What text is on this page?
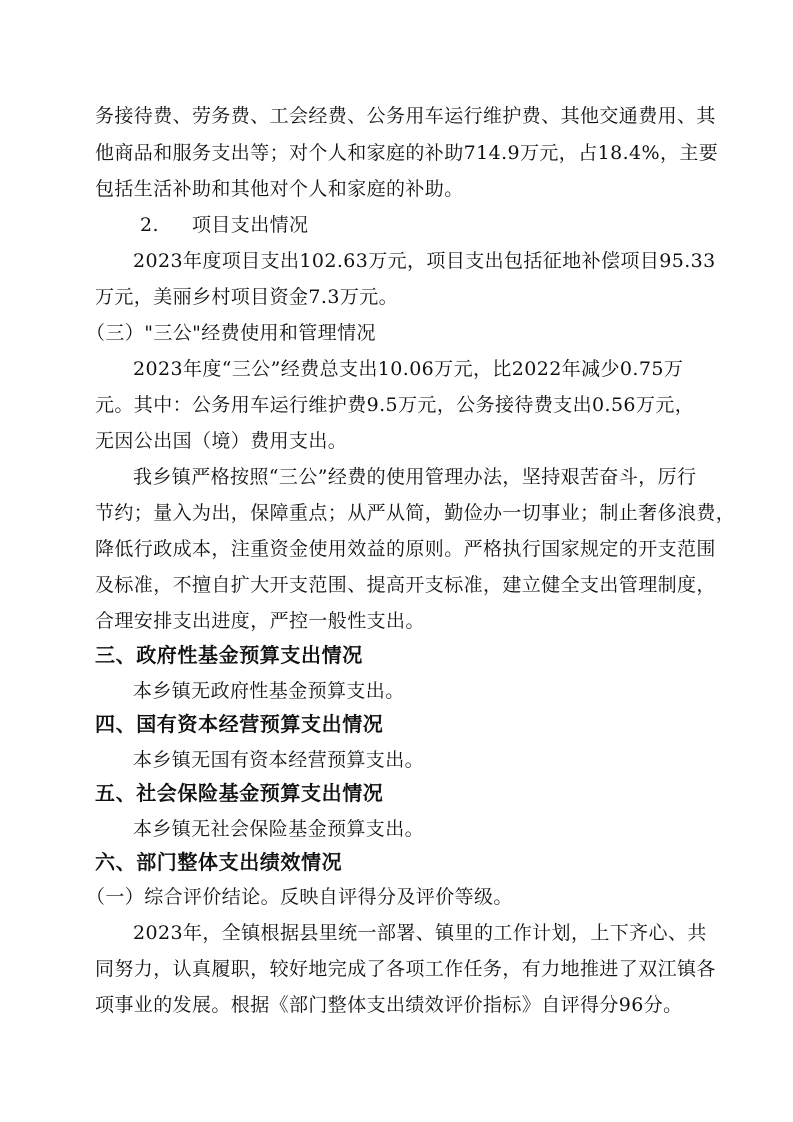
务接待费、劳务费、工会经费、公务用车运行维护费、其他交通费用、其
他商品和服务支出等；对个人和家庭的补助714.9万元，占18.4%，主要
包括生活补助和其他对个人和家庭的补助。
2. 项目支出情况
2023年度项目支出102.63万元，项目支出包括征地补偿项目95.33
万元，美丽乡村项目资金7.3万元。
（三）"三公"经费使用和管理情况
2023年度“三公”经费总支出10.06万元，比2022年减少0.75万
元。其中：公务用车运行维护费9.5万元，公务接待费支出0.56万元，
无因公出国（境）费用支出。
我乡镇严格按照“三公”经费的使用管理办法，坚持艰苦奋斗，厉行
节约；量入为出，保障重点；从严从简，勤俭办一切事业；制止奢侈浪费，
降低行政成本，注重资金使用效益的原则。严格执行国家规定的开支范围
及标准，不擅自扩大开支范围、提高开支标准，建立健全支出管理制度，
合理安排支出进度，严控一般性支出。
三、政府性基金预算支出情况
本乡镇无政府性基金预算支出。
四、国有资本经营预算支出情况
本乡镇无国有资本经营预算支出。
五、社会保险基金预算支出情况
本乡镇无社会保险基金预算支出。
六、部门整体支出绩效情况
（一）综合评价结论。反映自评得分及评价等级。
2023年，全镇根据县里统一部署、镇里的工作计划，上下齐心、共
同努力，认真履职，较好地完成了各项工作任务，有力地推进了双江镇各
项事业的发展。根据《部门整体支出绩效评价指标》自评得分96分。
